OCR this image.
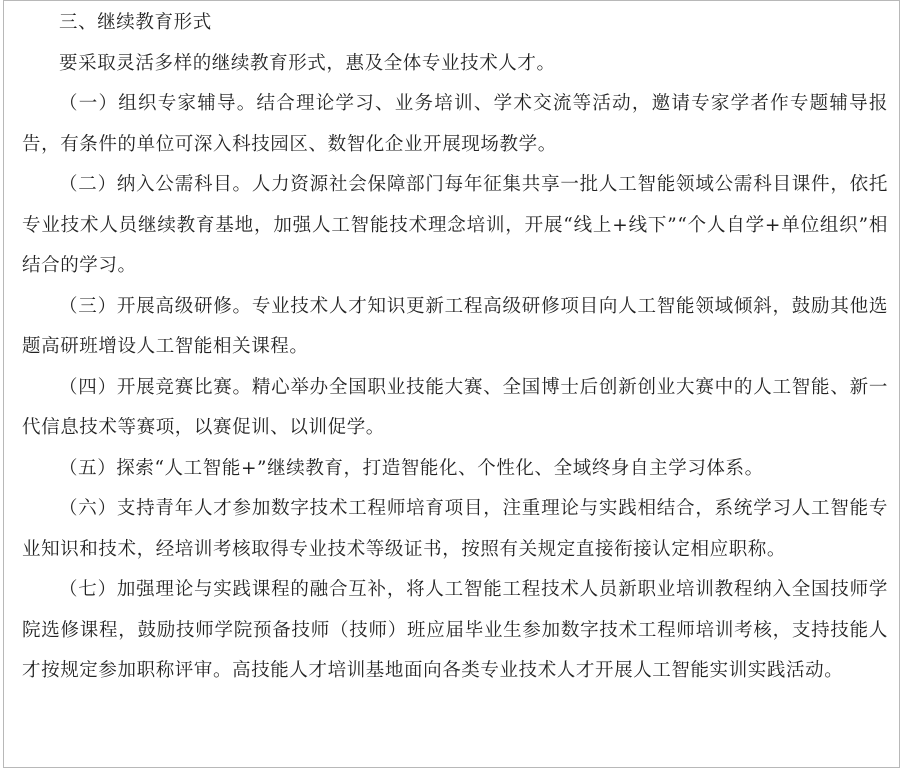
三、继续教育形式

要采取灵活多样的继续教育形式，惠及全体专业技术人才。

（一）组织专家辅导。结合理论学习、业务培训、学术交流等活动，邀请专家学者作专题辅导报告，有条件的单位可深入科技园区、数智化企业开展现场教学。

（二）纳入公需科目。人力资源社会保障部门每年征集共享一批人工智能领域公需科目课件，依托专业技术人员继续教育基地，加强人工智能技术理念培训，开展“线上+线下”“个人自学+单位组织”相结合的学习。

（三）开展高级研修。专业技术人才知识更新工程高级研修项目向人工智能领域倾斜，鼓励其他选题高研班增设人工智能相关课程。

（四）开展竞赛比赛。精心举办全国职业技能大赛、全国博士后创新创业大赛中的人工智能、新一代信息技术等赛项，以赛促训、以训促学。

（五）探索“人工智能+”继续教育，打造智能化、个性化、全域终身自主学习体系。

（六）支持青年人才参加数字技术工程师培育项目，注重理论与实践相结合，系统学习人工智能专业知识和技术，经培训考核取得专业技术等级证书，按照有关规定直接衔接认定相应职称。

（七）加强理论与实践课程的融合互补，将人工智能工程技术人员新职业培训教程纳入全国技师学院选修课程，鼓励技师学院预备技师（技师）班应届毕业生参加数字技术工程师培训考核，支持技能人才按规定参加职称评审。高技能人才培训基地面向各类专业技术人才开展人工智能实训实践活动。
